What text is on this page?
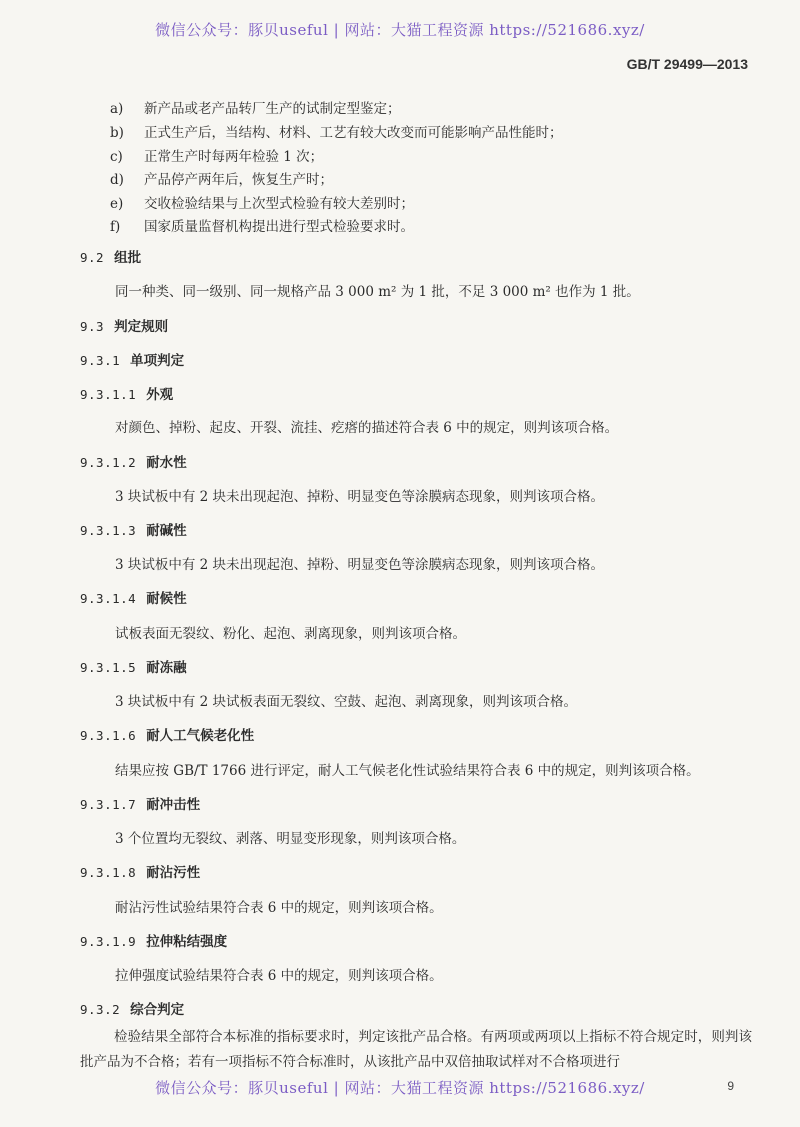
微信公众号：豚贝useful | 网站：大猫工程资源 https://521686.xyz/
GB/T 29499—2013
a) 新产品或老产品转厂生产的试制定型鉴定；
b) 正式生产后，当结构、材料、工艺有较大改变而可能影响产品性能时；
c) 正常生产时每两年检验 1 次；
d) 产品停产两年后，恢复生产时；
e) 交收检验结果与上次型式检验有较大差别时；
f) 国家质量监督机构提出进行型式检验要求时。
9.2 组批
同一种类、同一级别、同一规格产品 3 000 m² 为 1 批，不足 3 000 m² 也作为 1 批。
9.3 判定规则
9.3.1 单项判定
9.3.1.1 外观
对颜色、掉粉、起皮、开裂、流挂、疙瘩的描述符合表 6 中的规定，则判该项合格。
9.3.1.2 耐水性
3 块试板中有 2 块未出现起泡、掉粉、明显变色等涂膜病态现象，则判该项合格。
9.3.1.3 耐碱性
3 块试板中有 2 块未出现起泡、掉粉、明显变色等涂膜病态现象，则判该项合格。
9.3.1.4 耐候性
试板表面无裂纹、粉化、起泡、剥离现象，则判该项合格。
9.3.1.5 耐冻融
3 块试板中有 2 块试板表面无裂纹、空鼓、起泡、剥离现象，则判该项合格。
9.3.1.6 耐人工气候老化性
结果应按 GB/T 1766 进行评定，耐人工气候老化性试验结果符合表 6 中的规定，则判该项合格。
9.3.1.7 耐冲击性
3 个位置均无裂纹、剥落、明显变形现象，则判该项合格。
9.3.1.8 耐沾污性
耐沾污性试验结果符合表 6 中的规定，则判该项合格。
9.3.1.9 拉伸粘结强度
拉伸强度试验结果符合表 6 中的规定，则判该项合格。
9.3.2 综合判定
检验结果全部符合本标准的指标要求时，判定该批产品合格。有两项或两项以上指标不符合规定时，则判该批产品为不合格；若有一项指标不符合标准时，从该批产品中双倍抽取试样对不合格项进行
微信公众号：豚贝useful | 网站：大猫工程资源 https://521686.xyz/	9
